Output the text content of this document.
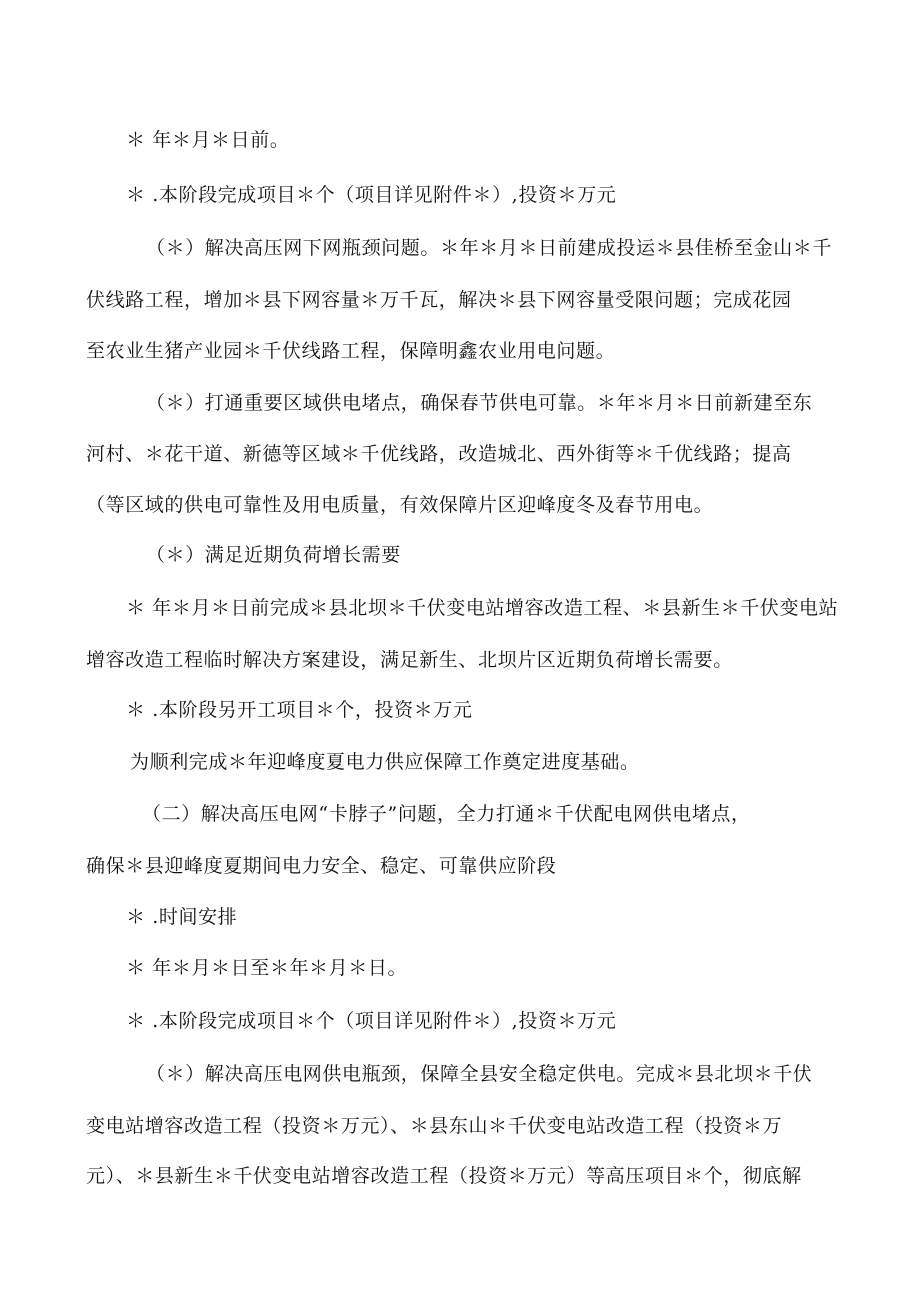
＊ 年＊月＊日前。
＊ .本阶段完成项目＊个（项目详见附件＊）,投资＊万元
（＊）解决高压网下网瓶颈问题。＊年＊月＊日前建成投运＊县佳桥至金山＊千
伏线路工程，增加＊县下网容量＊万千瓦，解决＊县下网容量受限问题；完成花园
至农业生猪产业园＊千伏线路工程，保障明鑫农业用电问题。
（＊）打通重要区域供电堵点，确保春节供电可靠。＊年＊月＊日前新建至东
河村、＊花干道、新德等区域＊千优线路，改造城北、西外街等＊千优线路；提高
（等区域的供电可靠性及用电质量，有效保障片区迎峰度冬及春节用电。
（＊）满足近期负荷增长需要
＊ 年＊月＊日前完成＊县北坝＊千伏变电站增容改造工程、＊县新生＊千伏变电站
增容改造工程临时解决方案建设，满足新生、北坝片区近期负荷增长需要。
＊ .本阶段另开工项目＊个，投资＊万元
为顺利完成＊年迎峰度夏电力供应保障工作奠定进度基础。
（二）解决高压电网“卡脖子”问题，全力打通＊千伏配电网供电堵点，
确保＊县迎峰度夏期间电力安全、稳定、可靠供应阶段
＊ .时间安排
＊ 年＊月＊日至＊年＊月＊日。
＊ .本阶段完成项目＊个（项目详见附件＊）,投资＊万元
（＊）解决高压电网供电瓶颈，保障全县安全稳定供电。完成＊县北坝＊千伏
变电站增容改造工程（投资＊万元）、＊县东山＊千伏变电站改造工程（投资＊万
元）、＊县新生＊千伏变电站增容改造工程（投资＊万元）等高压项目＊个，彻底解
